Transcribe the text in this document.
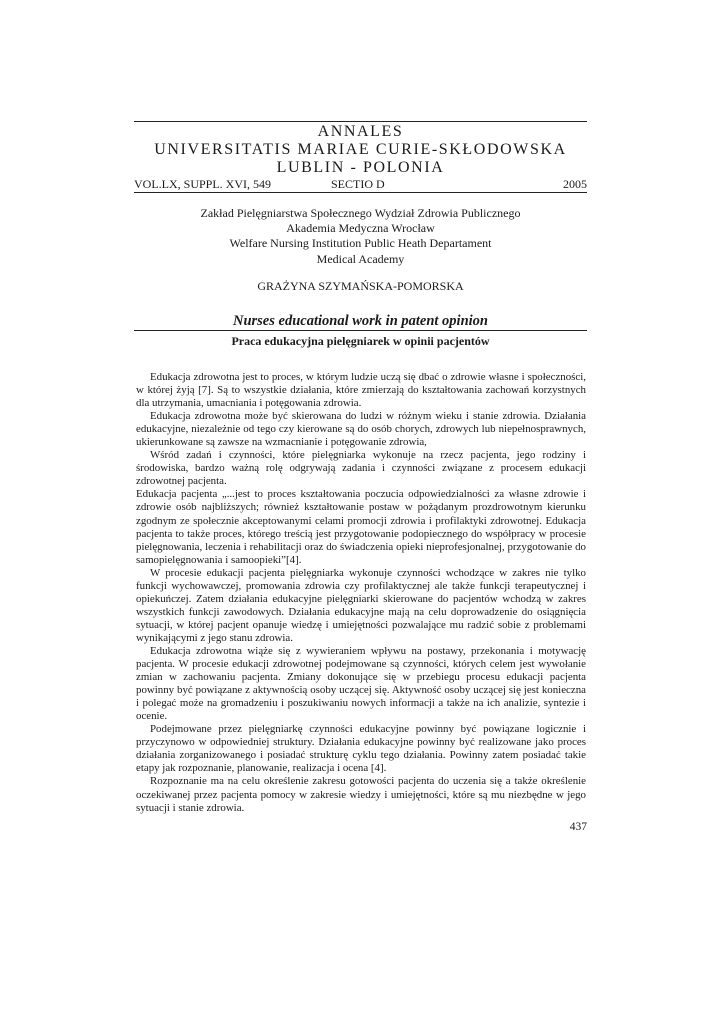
ANNALES
UNIVERSITATIS MARIAE CURIE-SKŁODOWSKA
LUBLIN - POLONIA
VOL.LX, SUPPL. XVI, 549	SECTIO D	2005
Zakład Pielęgniarstwa Społecznego Wydział Zdrowia Publicznego
Akademia Medyczna Wrocław
Welfare Nursing Institution Public Heath Departament
Medical Academy
GRAŻYNA SZYMAŃSKA-POMORSKA
Nurses educational work in patent opinion
Praca edukacyjna pielęgniarek w opinii pacjentów

Edukacja zdrowotna jest to proces, w którym ludzie uczą się dbać o zdrowie własne i społeczności, w której żyją [7]. Są to wszystkie działania, które zmierzają do kształtowania zachowań korzystnych dla utrzymania, umacniania i potęgowania zdrowia.

Edukacja zdrowotna może być skierowana do ludzi w różnym wieku i stanie zdrowia. Działania edukacyjne, niezależnie od tego czy kierowane są do osób chorych, zdrowych lub niepełnosprawnych, ukierunkowane są zawsze na wzmacnianie i potęgowanie zdrowia,

Wśród zadań i czynności, które pielęgniarka wykonuje na rzecz pacjenta, jego rodziny i środowiska, bardzo ważną rolę odgrywają zadania i czynności związane z procesem edukacji zdrowotnej pacjenta.

Edukacja pacjenta „...jest to proces kształtowania poczucia odpowiedzialności za własne zdrowie i zdrowie osób najbliższych; również kształtowanie postaw w pożądanym prozdrowotnym kierunku zgodnym ze społecznie akceptowanymi celami promocji zdrowia i profilaktyki zdrowotnej. Edukacja pacjenta to także proces, którego treścią jest przygotowanie podopiecznego do współpracy w procesie pielęgnowania, leczenia i rehabilitacji oraz do świadczenia opieki nieprofesjonalnej, przygotowanie do samopielęgnowania i samoopieki”[4].

W procesie edukacji pacjenta pielęgniarka wykonuje czynności wchodzące w zakres nie tylko funkcji wychowawczej, promowania zdrowia czy profilaktycznej ale także funkcji terapeutycznej i opiekuńczej. Zatem działania edukacyjne pielęgniarki skierowane do pacjentów wchodzą w zakres wszystkich funkcji zawodowych. Działania edukacyjne mają na celu doprowadzenie do osiągnięcia sytuacji, w której pacjent opanuje wiedzę i umiejętności pozwalające mu radzić sobie z problemami wynikającymi z jego stanu zdrowia.

Edukacja zdrowotna wiąże się z wywieraniem wpływu na postawy, przekonania i motywację pacjenta. W procesie edukacji zdrowotnej podejmowane są czynności, których celem jest wywołanie zmian w zachowaniu pacjenta. Zmiany dokonujące się w przebiegu procesu edukacji pacjenta powinny być powiązane z aktywnością osoby uczącej się. Aktywność osoby uczącej się jest konieczna i polegać może na gromadzeniu i poszukiwaniu nowych informacji a także na ich analizie, syntezie i ocenie.

Podejmowane przez pielęgniarkę czynności edukacyjne powinny być powiązane logicznie i przyczynowo w odpowiedniej struktury. Działania edukacyjne powinny być realizowane jako proces działania zorganizowanego i posiadać strukturę cyklu tego działania. Powinny zatem posiadać takie etapy jak rozpoznanie, planowanie, realizacja i ocena [4].

Rozpoznanie ma na celu określenie zakresu gotowości pacjenta do uczenia się a także określenie oczekiwanej przez pacjenta pomocy w zakresie wiedzy i umiejętności, które są mu niezbędne w jego sytuacji i stanie zdrowia.

437
